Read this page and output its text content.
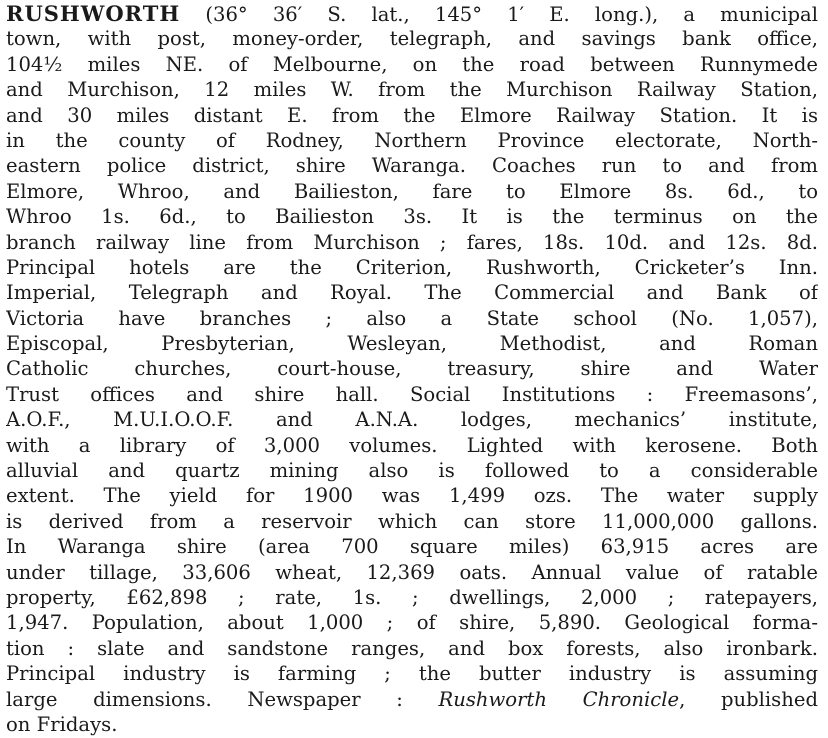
RUSHWORTH (36° 36′ S. lat., 145° 1′ E. long.), a municipal
town, with post, money-order, telegraph, and savings bank office,
104½ miles NE. of Melbourne, on the road between Runnymede
and Murchison, 12 miles W. from the Murchison Railway Station,
and 30 miles distant E. from the Elmore Railway Station. It is
in the county of Rodney, Northern Province electorate, North-
eastern police district, shire Waranga. Coaches run to and from
Elmore, Whroo, and Bailieston, fare to Elmore 8s. 6d., to
Whroo 1s. 6d., to Bailieston 3s. It is the terminus on the
branch railway line from Murchison ; fares, 18s. 10d. and 12s. 8d.
Principal hotels are the Criterion, Rushworth, Cricketer’s Inn.
Imperial, Telegraph and Royal. The Commercial and Bank of
Victoria have branches ; also a State school (No. 1,057),
Episcopal, Presbyterian, Wesleyan, Methodist, and Roman
Catholic churches, court-house, treasury, shire and Water
Trust offices and shire hall. Social Institutions : Freemasons’,
A.O.F., M.U.I.O.O.F. and A.N.A. lodges, mechanics’ institute,
with a library of 3,000 volumes. Lighted with kerosene. Both
alluvial and quartz mining also is followed to a considerable
extent. The yield for 1900 was 1,499 ozs. The water supply
is derived from a reservoir which can store 11,000,000 gallons.
In Waranga shire (area 700 square miles) 63,915 acres are
under tillage, 33,606 wheat, 12,369 oats. Annual value of ratable
property, £62,898 ; rate, 1s. ; dwellings, 2,000 ; ratepayers,
1,947. Population, about 1,000 ; of shire, 5,890. Geological forma-
tion : slate and sandstone ranges, and box forests, also ironbark.
Principal industry is farming ; the butter industry is assuming
large dimensions. Newspaper : Rushworth Chronicle, published
on Fridays.
